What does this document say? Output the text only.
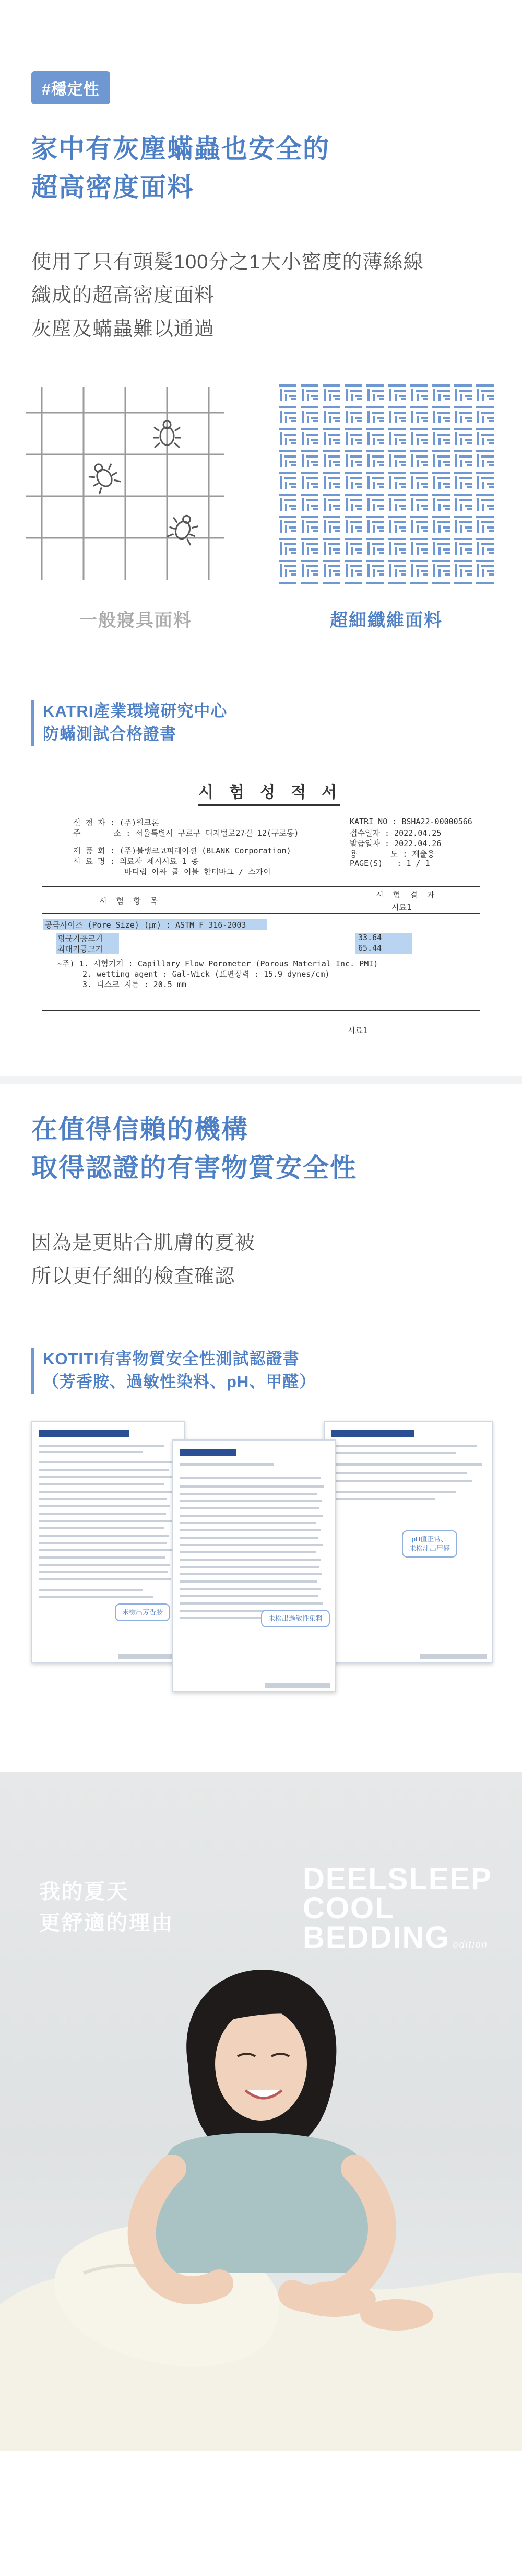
#穩定性
家中有灰塵蟎蟲也安全的
超高密度面料
使用了只有頭髮100分之1大小密度的薄絲線
織成的超高密度面料
灰塵及蟎蟲難以通過
一般寢具面料	超細纖維面料
KATRI產業環境研究中心
防蟎測試合格證書
시 험 성 적 서
신 청 자 : (주)월크론
주       소 : 서울특별시 구로구 디지털로27길 12(구로동)
제 품 회 : (주)블랭크코퍼레이션 (BLANK Corporation)
시 료 명 : 의료자 제시시료 1 종
바디럽 아싸 쿨 이불 한터바그 / 스카이
KATRI NO : BSHA22-00000566
접수일자 : 2022.04.25
발급일자 : 2022.04.26
용       도 : 제출용
PAGE(S)   : 1 / 1
시  험  항  목
시  험  결  과
시료1
공극사이즈 (Pore Size) (㎛) : ASTM F 316-2003
평균기공크기
최대기공크기
33.64
65.44
~주) 1. 시험기기 : Capillary Flow Porometer (Porous Material Inc. PMI)
2. wetting agent : Gal-Wick (표면장력 : 15.9 dynes/cm)
3. 디스크 지름 : 20.5 mm
시료1
在值得信賴的機構
取得認證的有害物質安全性
因為是更貼合肌膚的夏被
所以更仔細的檢查確認
KOTITI有害物質安全性測試認證書
（芳香胺、過敏性染料、pH、甲醛）
未檢出芳香胺
未檢出過敏性染料
pH值正常、
未檢測出甲醛
我的夏天
更舒適的理由
DEELSLEEP
COOL
BEDDING edition
